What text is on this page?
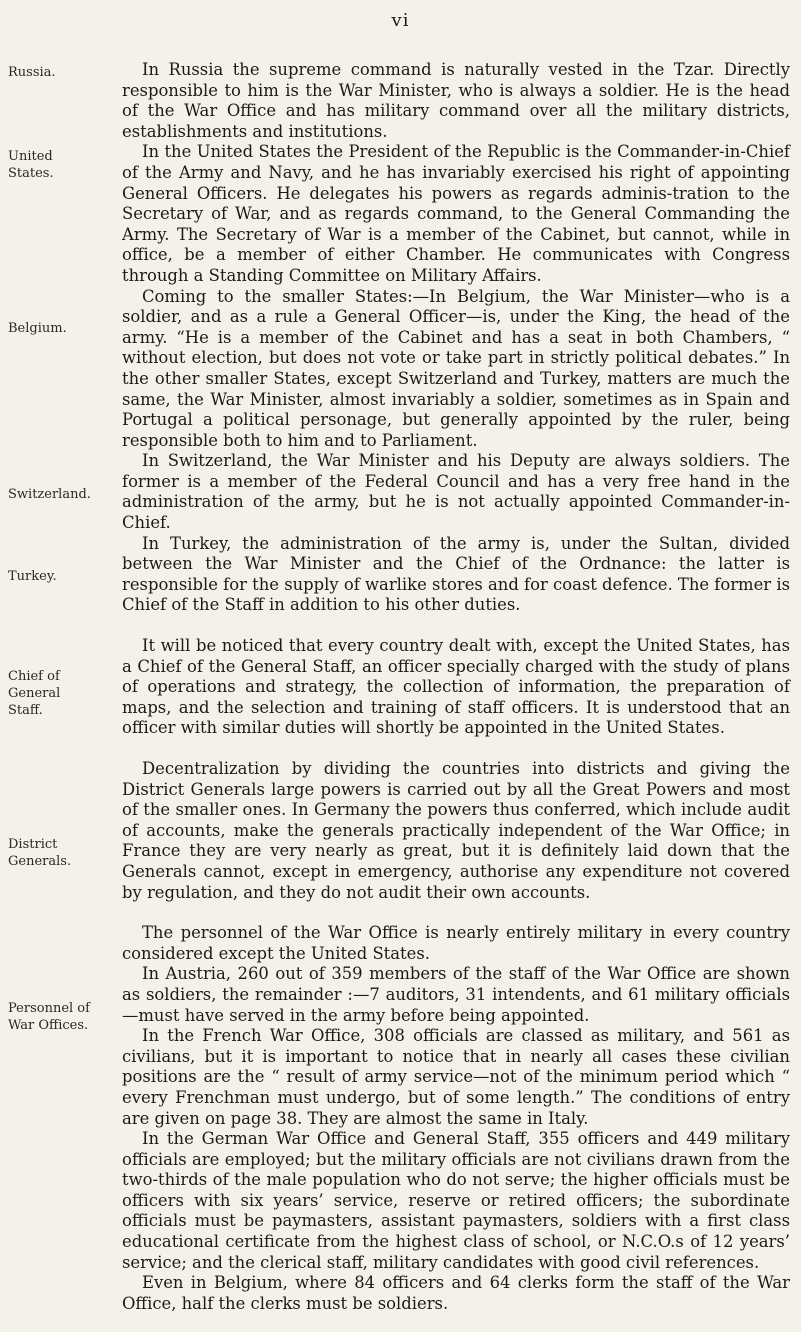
vi
Russia.
United States.
Belgium.
Switzerland.
Turkey.
Chief of General Staff.
District Generals.
Personnel of War Offices.

In Russia the supreme command is naturally vested in the Tzar. Directly responsible to him is the War Minister, who is always a soldier. He is the head of the War Office and has military command over all the military districts, establishments and institutions.

In the United States the President of the Republic is the Commander-in-Chief of the Army and Navy, and he has invariably exercised his right of appointing General Officers. He delegates his powers as regards adminis-tration to the Secretary of War, and as regards command, to the General Commanding the Army. The Secretary of War is a member of the Cabinet, but cannot, while in office, be a member of either Chamber. He communicates with Congress through a Standing Committee on Military Affairs.

Coming to the smaller States:—In Belgium, the War Minister—who is a soldier, and as a rule a General Officer—is, under the King, the head of the army. “He is a member of the Cabinet and has a seat in both Chambers, “ without election, but does not vote or take part in strictly political debates.” In the other smaller States, except Switzerland and Turkey, matters are much the same, the War Minister, almost invariably a soldier, sometimes as in Spain and Portugal a political personage, but generally appointed by the ruler, being responsible both to him and to Parliament.

In Switzerland, the War Minister and his Deputy are always soldiers. The former is a member of the Federal Council and has a very free hand in the administration of the army, but he is not actually appointed Commander-in-Chief.

In Turkey, the administration of the army is, under the Sultan, divided between the War Minister and the Chief of the Ordnance: the latter is responsible for the supply of warlike stores and for coast defence. The former is Chief of the Staff in addition to his other duties.

It will be noticed that every country dealt with, except the United States, has a Chief of the General Staff, an officer specially charged with the study of plans of operations and strategy, the collection of information, the preparation of maps, and the selection and training of staff officers. It is understood that an officer with similar duties will shortly be appointed in the United States.

Decentralization by dividing the countries into districts and giving the District Generals large powers is carried out by all the Great Powers and most of the smaller ones. In Germany the powers thus conferred, which include audit of accounts, make the generals practically independent of the War Office; in France they are very nearly as great, but it is definitely laid down that the Generals cannot, except in emergency, authorise any expenditure not covered by regulation, and they do not audit their own accounts.

The personnel of the War Office is nearly entirely military in every country considered except the United States.

In Austria, 260 out of 359 members of the staff of the War Office are shown as soldiers, the remainder :—7 auditors, 31 intendents, and 61 military officials—must have served in the army before being appointed.

In the French War Office, 308 officials are classed as military, and 561 as civilians, but it is important to notice that in nearly all cases these civilian positions are the “ result of army service—not of the minimum period which “ every Frenchman must undergo, but of some length.” The conditions of entry are given on page 38. They are almost the same in Italy.

In the German War Office and General Staff, 355 officers and 449 military officials are employed; but the military officials are not civilians drawn from the two-thirds of the male population who do not serve; the higher officials must be officers with six years’ service, reserve or retired officers; the subordinate officials must be paymasters, assistant paymasters, soldiers with a first class educational certificate from the highest class of school, or N.C.O.s of 12 years’ service; and the clerical staff, military candidates with good civil references.

Even in Belgium, where 84 officers and 64 clerks form the staff of the War Office, half the clerks must be soldiers.
